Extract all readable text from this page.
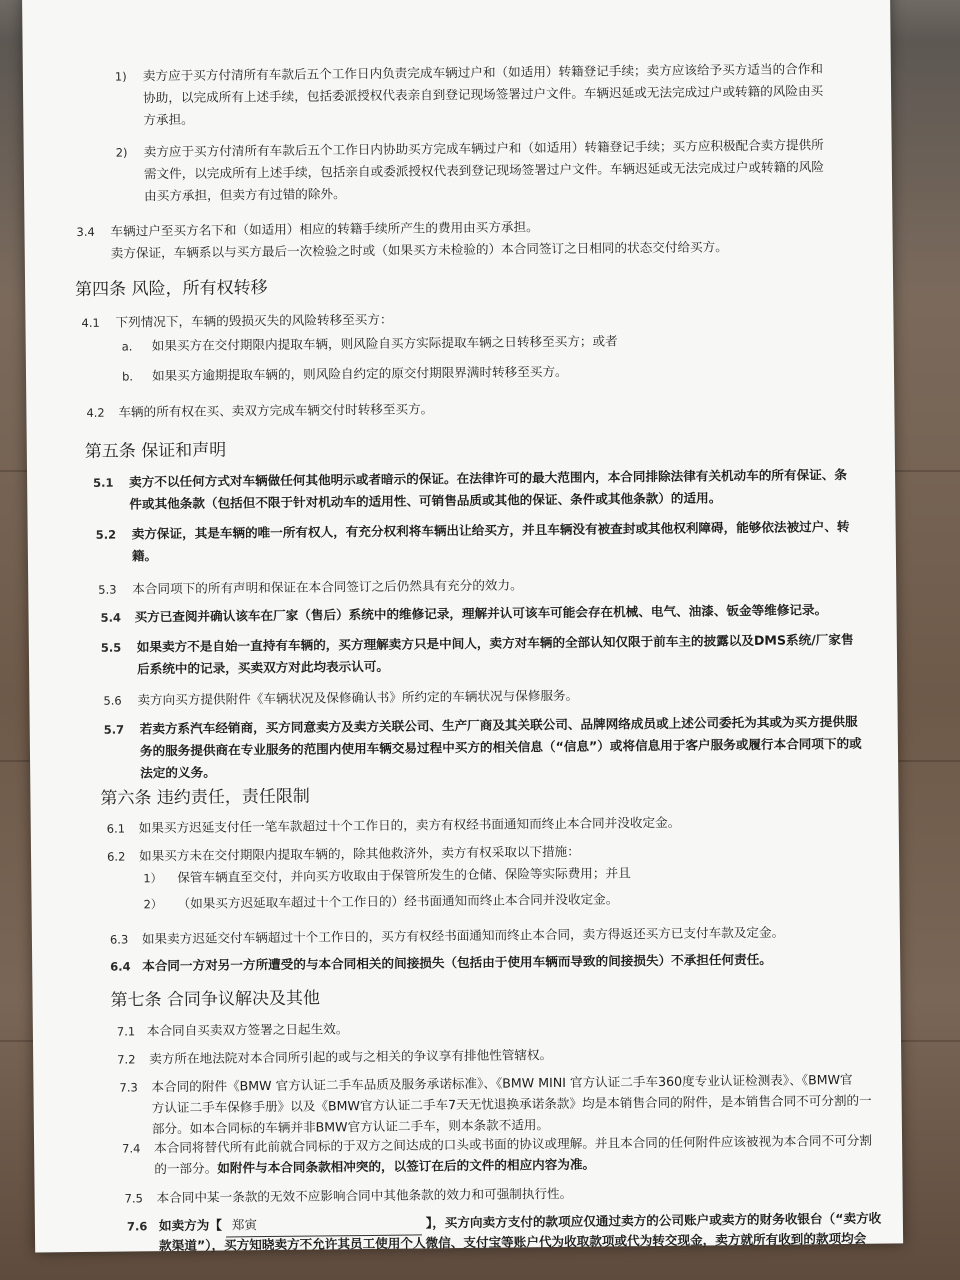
1) 卖方应于买方付清所有车款后五个工作日内负责完成车辆过户和（如适用）转籍登记手续；卖方应该给予买方适当的合作和
协助，以完成所有上述手续，包括委派授权代表亲自到登记现场签署过户文件。车辆迟延或无法完成过户或转籍的风险由买
方承担。
2) 卖方应于买方付清所有车款后五个工作日内协助买方完成车辆过户和（如适用）转籍登记手续；买方应积极配合卖方提供所
需文件，以完成所有上述手续，包括亲自或委派授权代表到登记现场签署过户文件。车辆迟延或无法完成过户或转籍的风险
由买方承担，但卖方有过错的除外。
3.4 车辆过户至买方名下和（如适用）相应的转籍手续所产生的费用由买方承担。
卖方保证，车辆系以与买方最后一次检验之时或（如果买方未检验的）本合同签订之日相同的状态交付给买方。
第四条 风险，所有权转移
4.1 下列情况下，车辆的毁损灭失的风险转移至买方：
a. 如果买方在交付期限内提取车辆，则风险自买方实际提取车辆之日转移至买方；或者
b. 如果买方逾期提取车辆的，则风险自约定的原交付期限界满时转移至买方。
4.2 车辆的所有权在买、卖双方完成车辆交付时转移至买方。
第五条 保证和声明
5.1 卖方不以任何方式对车辆做任何其他明示或者暗示的保证。在法律许可的最大范围内，本合同排除法律有关机动车的所有保证、条
件或其他条款（包括但不限于针对机动车的适用性、可销售品质或其他的保证、条件或其他条款）的适用。
5.2 卖方保证，其是车辆的唯一所有权人，有充分权利将车辆出让给买方，并且车辆没有被查封或其他权利障碍，能够依法被过户、转
籍。
5.3 本合同项下的所有声明和保证在本合同签订之后仍然具有充分的效力。
5.4 买方已查阅并确认该车在厂家（售后）系统中的维修记录，理解并认可该车可能会存在机械、电气、油漆、钣金等维修记录。
5.5 如果卖方不是自始一直持有车辆的，买方理解卖方只是中间人，卖方对车辆的全部认知仅限于前车主的披露以及DMS系统/厂家售
后系统中的记录，买卖双方对此均表示认可。
5.6 卖方向买方提供附件《车辆状况及保修确认书》所约定的车辆状况与保修服务。
5.7 若卖方系汽车经销商，买方同意卖方及卖方关联公司、生产厂商及其关联公司、品牌网络成员或上述公司委托为其或为买方提供服
务的服务提供商在专业服务的范围内使用车辆交易过程中买方的相关信息（“信息”）或将信息用于客户服务或履行本合同项下的或
法定的义务。
第六条 违约责任，责任限制
6.1 如果买方迟延支付任一笔车款超过十个工作日的，卖方有权经书面通知而终止本合同并没收定金。
6.2 如果买方未在交付期限内提取车辆的，除其他救济外，卖方有权采取以下措施：
1） 保管车辆直至交付，并向买方收取由于保管所发生的仓储、保险等实际费用；并且
2） （如果买方迟延取车超过十个工作日的）经书面通知而终止本合同并没收定金。
6.3 如果卖方迟延交付车辆超过十个工作日的，买方有权经书面通知而终止本合同，卖方得返还买方已支付车款及定金。
6.4 本合同一方对另一方所遭受的与本合同相关的间接损失（包括由于使用车辆而导致的间接损失）不承担任何责任。
第七条 合同争议解决及其他
7.1 本合同自买卖双方签署之日起生效。
7.2 卖方所在地法院对本合同所引起的或与之相关的争议享有排他性管辖权。
7.3 本合同的附件《BMW 官方认证二手车品质及服务承诺标准》、《BMW MINI 官方认证二手车360度专业认证检测表》、《BMW官
方认证二手车保修手册》以及《BMW官方认证二手车7天无忧退换承诺条款》均是本销售合同的附件，是本销售合同不可分割的一
部分。如本合同标的车辆并非BMW官方认证二手车，则本条款不适用。
7.4 本合同将替代所有此前就合同标的于双方之间达成的口头或书面的协议或理解。并且本合同的任何附件应该被视为本合同不可分割
的一部分。如附件与本合同条款相冲突的，以签订在后的文件的相应内容为准。
7.5 本合同中某一条款的无效不应影响合同中其他条款的效力和可强制执行性。
7.6 如卖方为【 郑寅	】，买方向卖方支付的款项应仅通过卖方的公司账户或卖方的财务收银台（“卖方收
款渠道”），买方知晓卖方不允许其员工使用个人微信、支付宝等账户代为收取款项或代为转交现金，卖方就所有收到的款项均会
